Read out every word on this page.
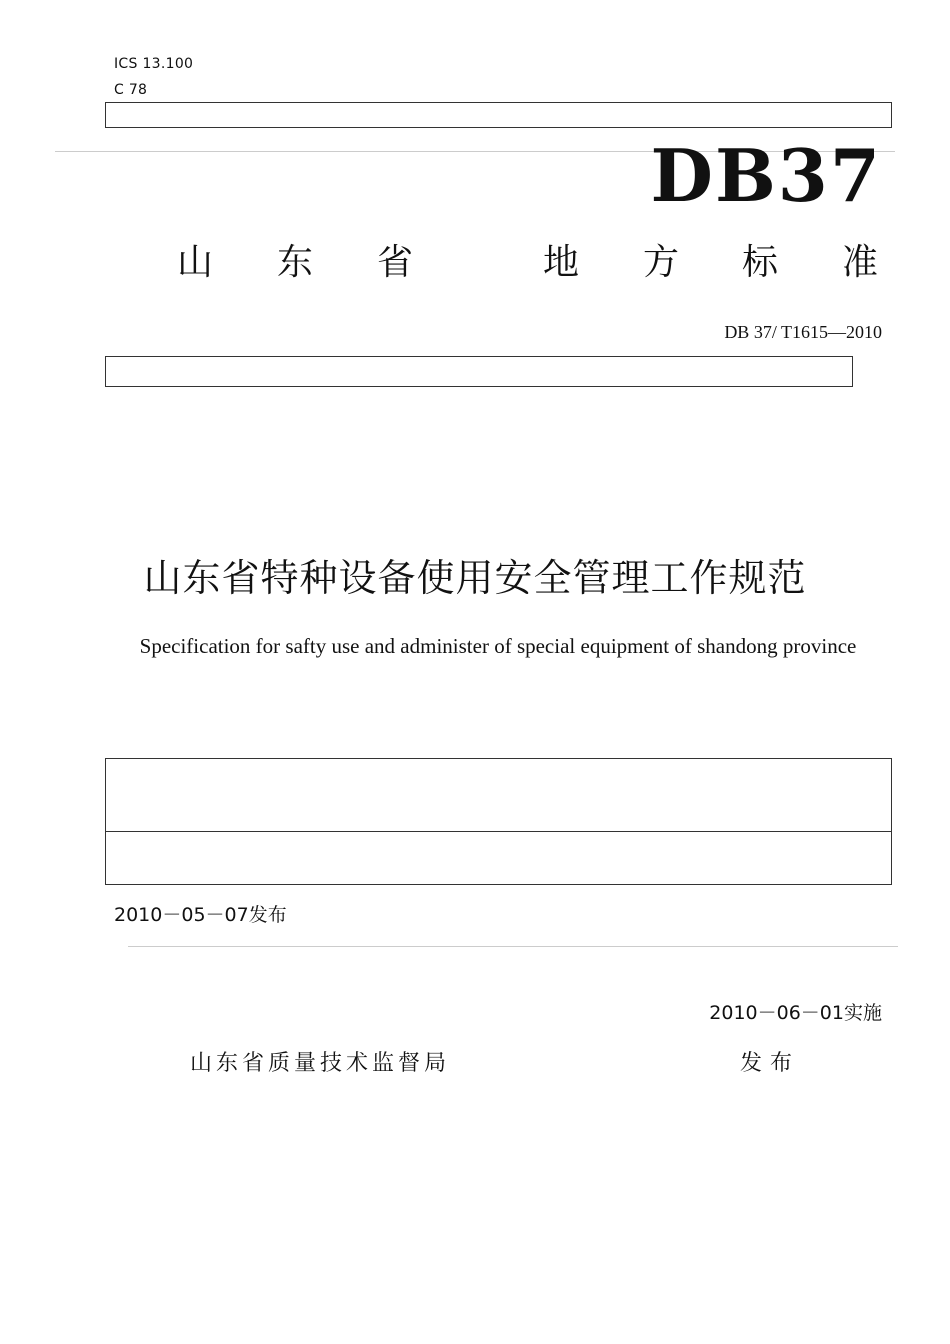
ICS 13.100
C 78
DB37
山 东 省	地 方 标 准
DB 37/ T1615—2010
山东省特种设备使用安全管理工作规范
Specification for safty use and administer of special equipment of shandong province
2010－05－07发布
2010－06－01实施
山东省质量技术监督局	发布
